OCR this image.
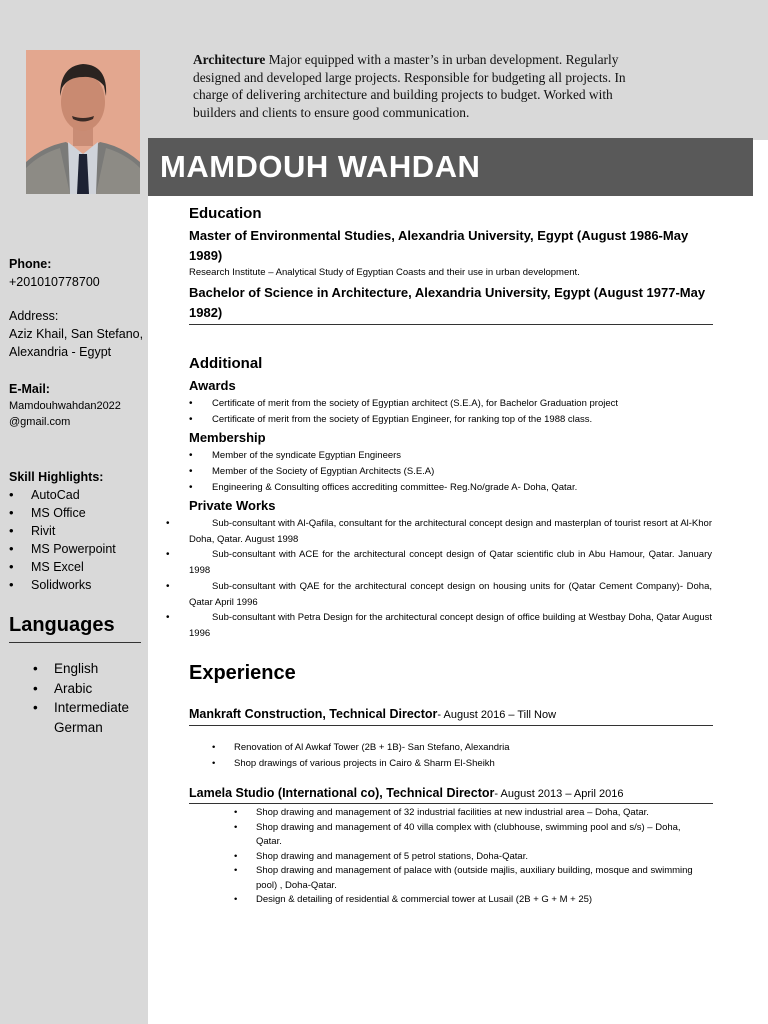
Architecture Major equipped with a master’s in urban development. Regularly designed and developed large projects. Responsible for budgeting all projects. In charge of delivering architecture and building projects to budget. Worked with builders and clients to ensure good communication.
MAMDOUH WAHDAN
Phone:
+201010778700
Address:
Aziz Khail, San Stefano,
Alexandria - Egypt
E-Mail:
Mamdouhwahdan2022
@gmail.com
Skill Highlights:
• AutoCad
• MS Office
• Rivit
• MS Powerpoint
• MS Excel
• Solidworks
Languages
• English
• Arabic
• Intermediate German
Education
Master of Environmental Studies, Alexandria University, Egypt (August 1986-May 1989)
Research Institute – Analytical Study of Egyptian Coasts and their use in urban development.
Bachelor of Science in Architecture, Alexandria University, Egypt (August 1977-May 1982)
Additional
Awards
• Certificate of merit from the society of Egyptian architect (S.E.A), for Bachelor Graduation project
• Certificate of merit from the society of Egyptian Engineer, for ranking top of the 1988 class.
Membership
• Member of the syndicate Egyptian Engineers
• Member of the Society of Egyptian Architects (S.E.A)
• Engineering & Consulting offices accrediting committee- Reg.No/grade A- Doha, Qatar.
Private Works
• Sub-consultant with Al-Qafila, consultant for the architectural concept design and masterplan of tourist resort at Al-Khor Doha, Qatar. August 1998
• Sub-consultant with ACE for the architectural concept design of Qatar scientific club in Abu Hamour, Qatar. January 1998
• Sub-consultant with QAE for the architectural concept design on housing units for (Qatar Cement Company)- Doha, Qatar April 1996
• Sub-consultant with Petra Design for the architectural concept design of office building at Westbay Doha, Qatar August 1996
Experience
Mankraft Construction, Technical Director- August 2016 – Till Now
• Renovation of Al Awkaf Tower (2B + 1B)- San Stefano, Alexandria
• Shop drawings of various projects in Cairo & Sharm El-Sheikh
Lamela Studio (International co), Technical Director- August 2013 – April 2016
• Shop drawing and management of 32 industrial facilities at new industrial area – Doha, Qatar.
• Shop drawing and management of 40 villa complex with (clubhouse, swimming pool and s/s) – Doha, Qatar.
• Shop drawing and management of 5 petrol stations, Doha-Qatar.
• Shop drawing and management of palace with (outside majlis, auxiliary building, mosque and swimming pool) , Doha-Qatar.
• Design & detailing of residential & commercial tower at Lusail (2B + G + M + 25)
